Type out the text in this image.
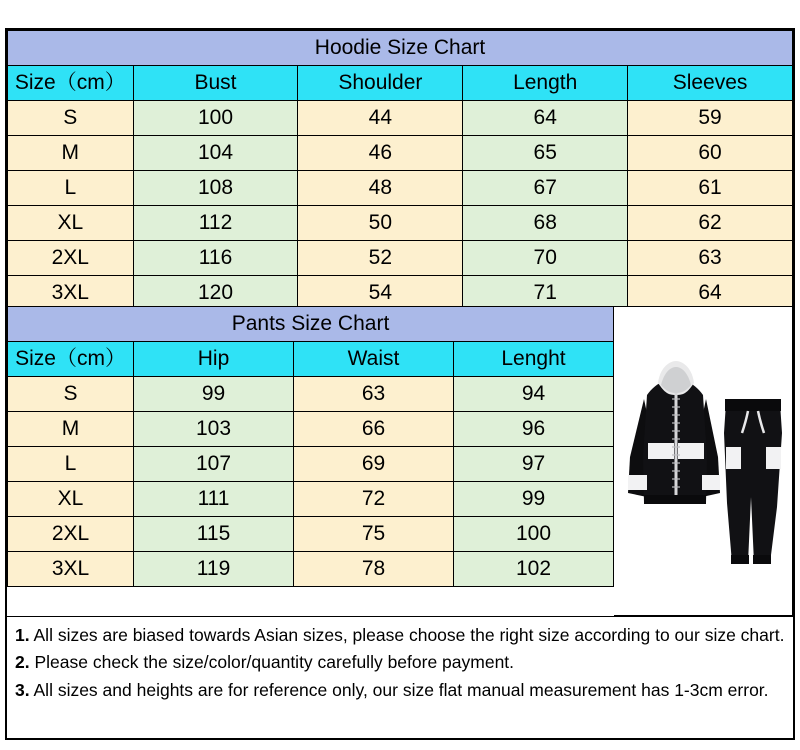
Hoodie Size Chart				
Size（cm）	Bust	Shoulder	Length	Sleeves
S	100	44	64	59
M	104	46	65	60
L	108	48	67	61
XL	112	50	68	62
2XL	116	52	70	63
3XL	120	54	71	64
Pants Size Chart			
Size（cm）	Hip	Waist	Lenght
S	99	63	94
M	103	66	96
L	107	69	97
XL	111	72	99
2XL	115	75	100
3XL	119	78	102

1. All sizes are biased towards Asian sizes, please choose the right size according to our size chart.

2. Please check the size/color/quantity carefully before payment.

3. All sizes and heights are for reference only, our size flat manual measurement has 1-3cm error.
